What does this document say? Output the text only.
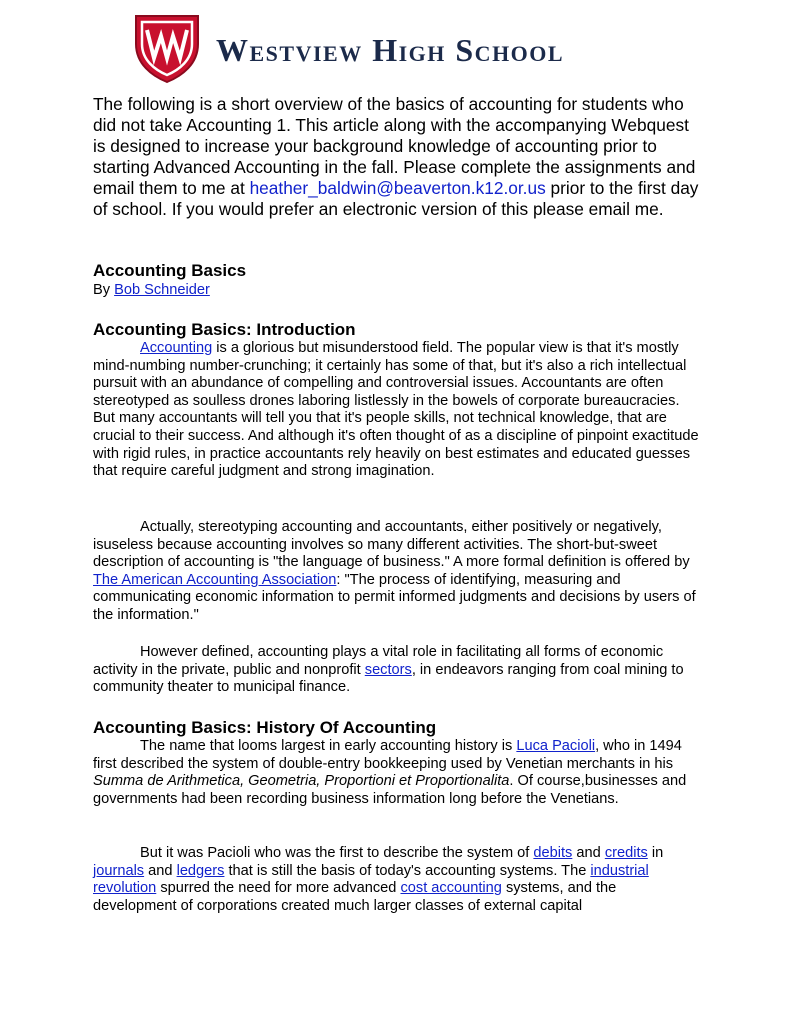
Westview High School
The following is a short overview of the basics of accounting for students who did not take Accounting 1. This article along with the accompanying Webquest is designed to increase your background knowledge of accounting prior to starting Advanced Accounting in the fall. Please complete the assignments and email them to me at heather_baldwin@beaverton.k12.or.us prior to the first day of school. If you would prefer an electronic version of this please email me.
Accounting Basics
By Bob Schneider
Accounting Basics: Introduction
Accounting is a glorious but misunderstood field. The popular view is that it's mostly mind-numbing number-crunching; it certainly has some of that, but it's also a rich intellectual pursuit with an abundance of compelling and controversial issues. Accountants are often stereotyped as soulless drones laboring listlessly in the bowels of corporate bureaucracies. But many accountants will tell you that it's people skills, not technical knowledge, that are crucial to their success. And although it's often thought of as a discipline of pinpoint exactitude with rigid rules, in practice accountants rely heavily on best estimates and educated guesses that require careful judgment and strong imagination.
Actually, stereotyping accounting and accountants, either positively or negatively, isuseless because accounting involves so many different activities. The short-but-sweet description of accounting is "the language of business." A more formal definition is offered by The American Accounting Association: "The process of identifying, measuring and communicating economic information to permit informed judgments and decisions by users of the information."
However defined, accounting plays a vital role in facilitating all forms of economic activity in the private, public and nonprofit sectors, in endeavors ranging from coal mining to community theater to municipal finance.
Accounting Basics: History Of Accounting
The name that looms largest in early accounting history is Luca Pacioli, who in 1494 first described the system of double-entry bookkeeping used by Venetian merchants in his Summa de Arithmetica, Geometria, Proportioni et Proportionalita. Of course,businesses and governments had been recording business information long before the Venetians.
But it was Pacioli who was the first to describe the system of debits and credits in journals and ledgers that is still the basis of today's accounting systems. The industrial revolution spurred the need for more advanced cost accounting systems, and the development of corporations created much larger classes of external capital
